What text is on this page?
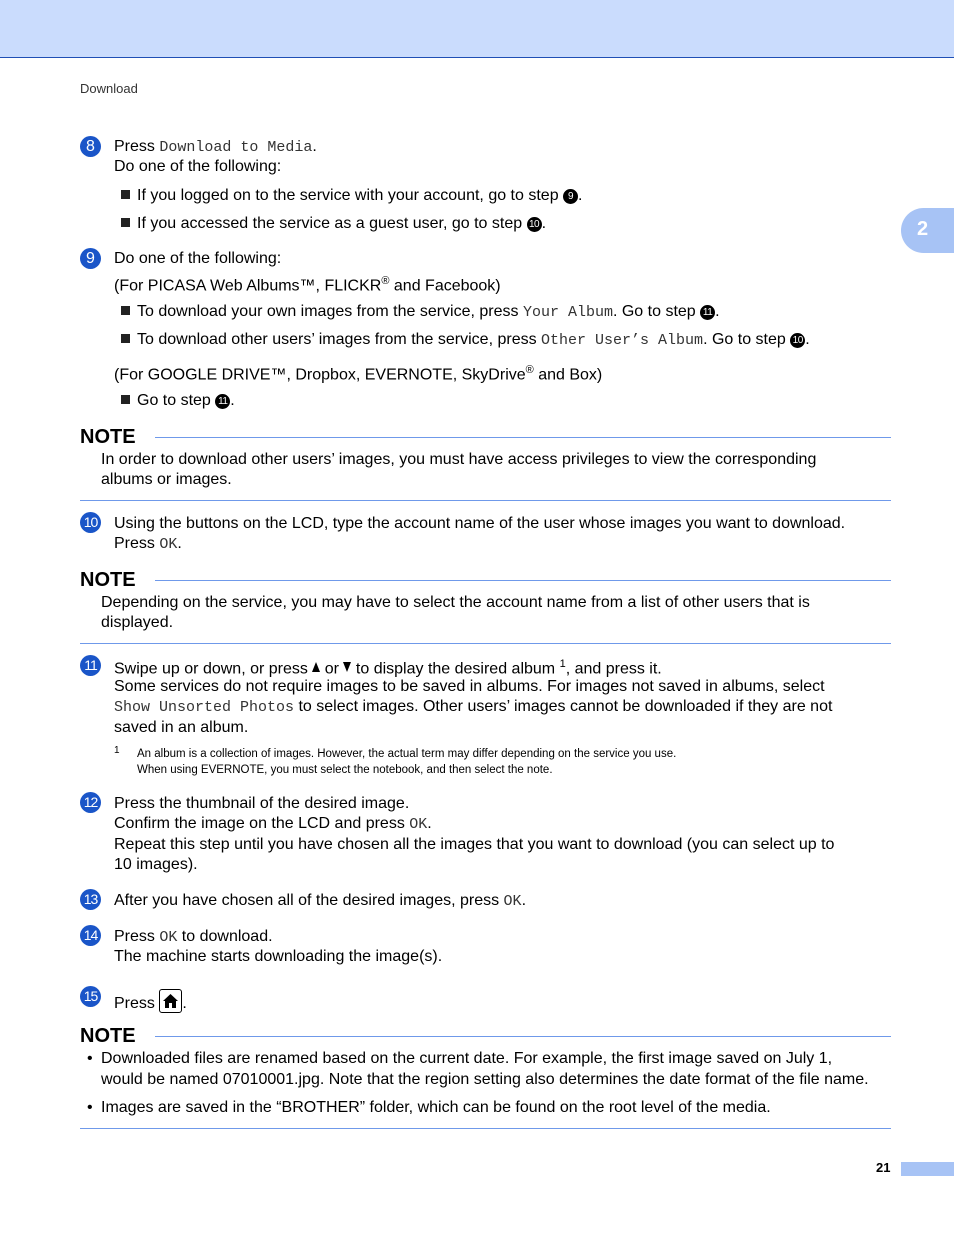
Download
2
8	Press Download to Media.
Do one of the following:
If you logged on to the service with your account, go to step 9 .
If you accessed the service as a guest user, go to step 10 .
9	Do one of the following:
(For PICASA Web Albums™, FLICKR® and Facebook)
To download your own images from the service, press Your Album. Go to step 11 .
To download other users’ images from the service, press Other User’s Album. Go to step 10 .
(For GOOGLE DRIVE™, Dropbox, EVERNOTE, SkyDrive® and Box)
Go to step 11 .
NOTE
In order to download other users’ images, you must have access privileges to view the corresponding
albums or images.
10 Using the buttons on the LCD, type the account name of the user whose images you want to download.
Press OK.
NOTE
Depending on the service, you may have to select the account name from a list of other users that is
displayed.
11 Swipe up or down, or press  or  to display the desired album $^1$, and press it.
Some services do not require images to be saved in albums. For images not saved in albums, select
Show Unsorted Photos to select images. Other users’ images cannot be downloaded if they are not
saved in an album.
1 An album is a collection of images. However, the actual term may differ depending on the service you use.
When using EVERNOTE, you must select the notebook, and then select the note.
12 Press the thumbnail of the desired image.
Confirm the image on the LCD and press OK.
Repeat this step until you have chosen all the images that you want to download (you can select up to
10 images).
13 After you have chosen all of the desired images, press OK.
14 Press OK to download.
The machine starts downloading the image(s).
15 Press
.
NOTE
• Downloaded files are renamed based on the current date. For example, the first image saved on July 1,
would be named 07010001.jpg. Note that the region setting also determines the date format of the file name.
• Images are saved in the “BROTHER” folder, which can be found on the root level of the media.
21
